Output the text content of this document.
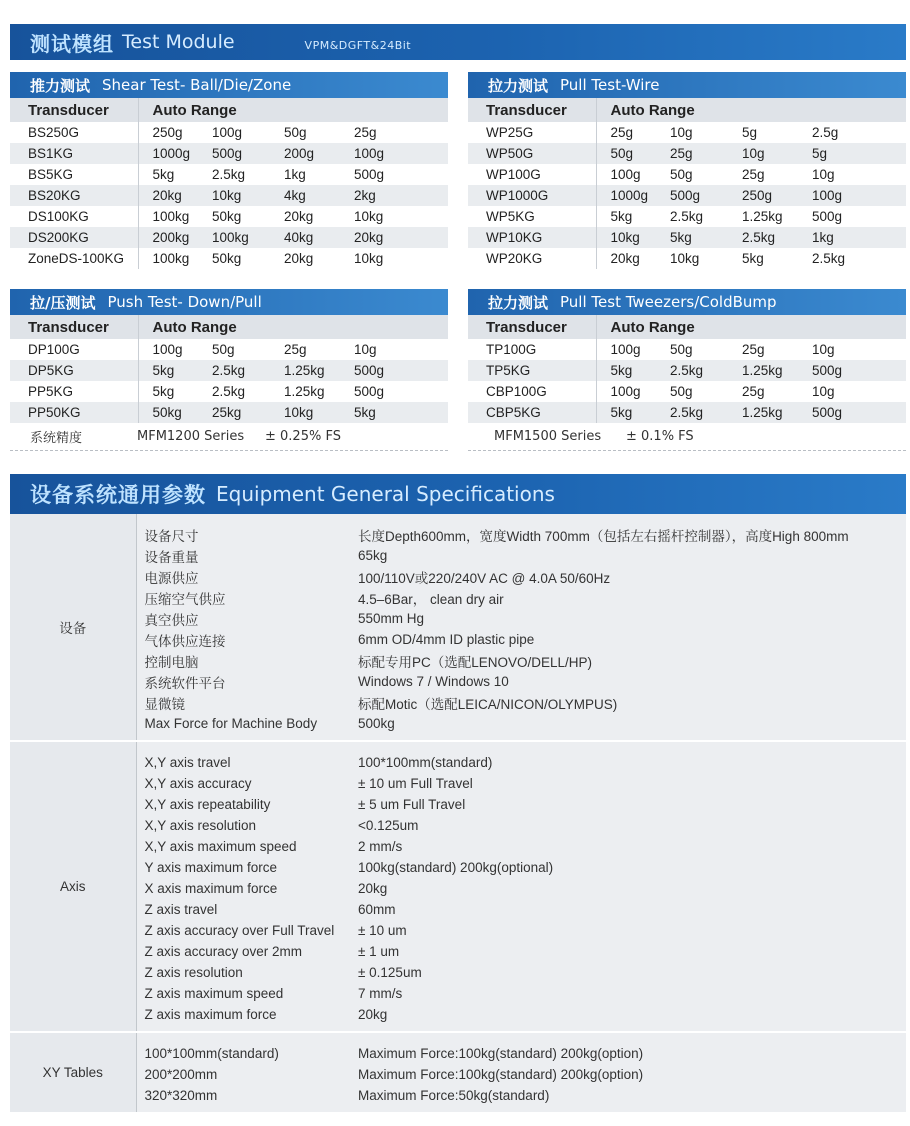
测试模组 Test Module	VPM&DGFT&24Bit
推力测试 Shear Test- Ball/Die/Zone
Transducer	Auto Range			
BS250G	250g	100g	50g	25g
BS1KG	1000g	500g	200g	100g
BS5KG	5kg	2.5kg	1kg	500g
BS20KG	20kg	10kg	4kg	2kg
DS100KG	100kg	50kg	20kg	10kg
DS200KG	200kg	100kg	40kg	20kg
ZoneDS-100KG	100kg	50kg	20kg	10kg
拉力测试 Pull Test-Wire
Transducer	Auto Range			
WP25G	25g	10g	5g	2.5g
WP50G	50g	25g	10g	5g
WP100G	100g	50g	25g	10g
WP1000G	1000g	500g	250g	100g
WP5KG	5kg	2.5kg	1.25kg	500g
WP10KG	10kg	5kg	2.5kg	1kg
WP20KG	20kg	10kg	5kg	2.5kg
拉/压测试 Push Test- Down/Pull
Transducer	Auto Range			
DP100G	100g	50g	25g	10g
DP5KG	5kg	2.5kg	1.25kg	500g
PP5KG	5kg	2.5kg	1.25kg	500g
PP50KG	50kg	25kg	10kg	5kg
系统精度	MFM1200 Series	± 0.25% FS
拉力测试 Pull Test Tweezers/ColdBump
Transducer	Auto Range			
TP100G	100g	50g	25g	10g
TP5KG	5kg	2.5kg	1.25kg	500g
CBP100G	100g	50g	25g	10g
CBP5KG	5kg	2.5kg	1.25kg	500g
MFM1500 Series	± 0.1% FS
设备系统通用参数 Equipment General Specifications
设备	设备尺寸	长度Depth600mm，宽度Width 700mm（包括左右摇杆控制器），高度High 800mm
	设备重量	65kg
	电源供应	100/110V或220/240V AC @ 4.0A 50/60Hz
	压缩空气供应	4.5–6Bar， clean dry air
	真空供应	550mm Hg
	气体供应连接	6mm OD/4mm ID plastic pipe
	控制电脑	标配专用PC（选配LENOVO/DELL/HP)
	系统软件平台	Windows 7 / Windows 10
	显微镜	标配Motic（选配LEICA/NICON/OLYMPUS)
	Max Force for Machine Body	500kg

Axis	X,Y axis travel	100*100mm(standard)
	X,Y axis accuracy	± 10 um Full Travel
	X,Y axis repeatability	± 5 um Full Travel
	X,Y axis resolution	<0.125um
	X,Y axis maximum speed	2 mm/s
	Y axis maximum force	100kg(standard) 200kg(optional)
	X axis maximum force	20kg
	Z axis travel	60mm
	Z axis accuracy over Full Travel	± 10 um
	Z axis accuracy over 2mm	± 1 um
	Z axis resolution	± 0.125um
	Z axis maximum speed	7 mm/s
	Z axis maximum force	20kg

XY Tables	100*100mm(standard)	Maximum Force:100kg(standard) 200kg(option)
	200*200mm	Maximum Force:100kg(standard) 200kg(option)
	320*320mm	Maximum Force:50kg(standard)
